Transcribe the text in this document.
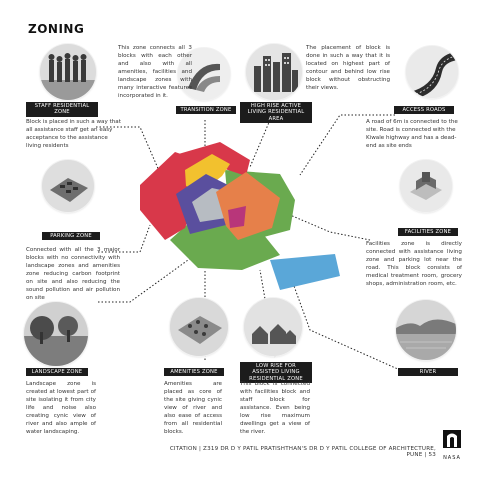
ZONING
STAFF RESIDENTIAL ZONE
Block is placed in such a way that all assistance staff get an easy acceptance to the assistance living residents
This zone connects all 3 blocks with each other and also with all amenities, facilities and landscape zones with many interactive features incorporated in it.
TRANSITION ZONE
HIGH RISE ACTIVE LIVING RESIDENTIAL AREA
The placement of block is done in such a way that it is located on highest part of contour and behind low rise block without obstructing their views.
ACCESS ROADS
A road of 6m is connected to the site. Road is connected with the Kiwale highway and has a dead-end as site ends
PARKING ZONE
Connected with all the 3 major blocks with no connectivity with landscape zones and amenities zone reducing carbon footprint on site and also reducing the sound pollution and air pollution on site
FACILITIES ZONE
Facilities zone is directly connected with assistance living zone and parking lot near the road. This block consists of medical treatment room, grocery shops, administration room, etc.
LANDSCAPE ZONE
Landscape zone is created at lowest part of site isolating it from city life and noise also creating cynic view of river and also ample of water landscaping.
AMENITIES ZONE
Amenities are placed as core of the site giving cynic view of river and also ease of access from all residential blocks.
LOW RISE FOR ASSISTED LIVING RESIDENTIAL ZONE
This block is connected with facilities block and staff block for assistance. Even being low rise maximum dwellings get a view of the river.
RIVER
CITATION | Z319 DR D Y PATIL PRATISHTHAN'S DR D Y PATIL COLLEGE OF ARCHITECTURE, PUNE | 53	NASA
